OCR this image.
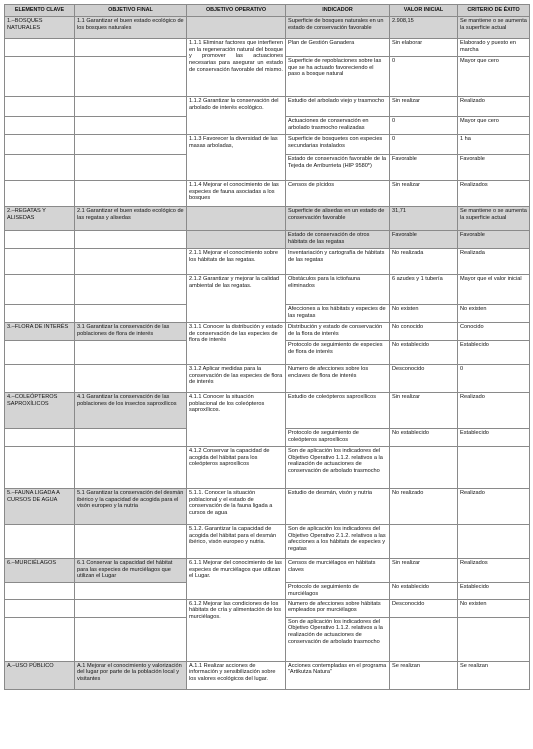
ELEMENTO CLAVE	OBJETIVO FINAL	OBJETIVO OPERATIVO	INDICADOR	VALOR INICIAL	CRITERIO DE ÉXITO
1.–BOSQUES NATURALES	1.1 Garantizar el buen estado ecológico de los bosques naturales		Superficie de bosques naturales en un estado de conservación favorable	2.908,15	Se mantiene o se aumenta la superficie actual
		1.1.1 Eliminar factores que interfieren en la regeneración natural del bosque y promover las actuaciones necesarias para asegurar un estado de conservación favorable del mismo.	Plan de Gestión Ganadera	Sin elaborar	Elaborado y puesto en marcha
			Superficie de repoblaciones sobre las que se ha actuado favoreciendo el paso a bosque natural	0	Mayor que cero
		1.1.2 Garantizar la conservación del arbolado de interés ecológico.	Estudio del arbolado viejo y trasmocho	Sin realizar	Realizado
			Actuaciones de conservación en arbolado trasmocho realizadas	0	Mayor que cero
		1.1.3 Favorecer la diversidad de las masas arboladas,	Superficie de bosquetes con especies secundarias instalados	0	1 ha
			Estado de conservación favorable de la Tejeda de Arriburrieta (HIP 9580*)	Favorable	Favorable
		1.1.4 Mejorar el conocimiento de las especies de fauna asociadas a los bosques	Censos de pícidos	Sin realizar	Realizados
2.–REGATAS Y ALISEDAS	2.1 Garantizar el buen estado ecológico de las regatas y alisedas		Superficie de alisedas en un estado de conservación favorable	31,71	Se mantiene o se aumenta la superficie actual
			Estado de conservación de otros hábitats de las regatas	Favorable	Favorable
		2.1.1 Mejorar el conocimiento sobre los hábitats de las regatas.	Inventariación y cartografía de hábitats de las regatas	No realizada	Realizada
		2.1.2 Garantizar y mejorar la calidad ambiental de las regatas.	Obstáculos para la ictiofauna eliminados	6 azudes y 1 tubería	Mayor que el valor inicial
			Afecciones a los hábitats y especies de las regatas	No existen	No existen
3.–FLORA DE INTERÉS	3.1 Garantizar la conservación de las poblaciones de flora de interés	3.1.1 Conocer la distribución y estado de conservación de las especies de flora de interés	Distribución y estado de conservación de la flora de interés	No conocido	Conocido
			Protocolo de seguimiento de especies de flora de interés	No establecido	Establecido
		3.1.2 Aplicar medidas para la conservación de las especies de flora de interés	Numero de afecciones sobre los enclaves de flora de interés	Desconocido	0
4.–COLEÓPTEROS SAPROXÍLICOS	4.1 Garantizar la conservación de las poblaciones de los insectos saproxílicos	4.1.1 Conocer la situación poblacional de los coleópteros saproxílicos.	Estudio de coleópteros saproxílicos	Sin realizar	Realizado
			Protocolo de seguimiento de coleópteros saproxílicos	No establecido	Establecido
		4.1.2 Conservar la capacidad de acogida del hábitat para los coleópteros saproxílicos	Son de aplicación los indicadores del Objetivo Operativo 1.1.2. relativos a la realización de actuaciones de conservación de arbolado trasmocho		
5.–FAUNA LIGADA A CURSOS DE AGUA	5.1 Garantizar la conservación del desmán ibérico y la capacidad de acogida para el visón europeo y la nutria	5.1.1. Conocer la situación poblacional y el estado de conservación de la fauna ligada a cursos de agua	Estudio de desmán, visón y nutria	No realizado	Realizado
		5.1.2. Garantizar la capacidad de acogida del hábitat para el desmán ibérico, visón europeo y nutria.	Son de aplicación los indicadores del Objetivo Operativo 2.1.2. relativos a las afecciones a los hábitats de especies y regatas		
6.–MURCIÉLAGOS	6.1 Conservar la capacidad del hábitat para las especies de murciélagos que utilizan el Lugar	6.1.1 Mejorar del conocimiento de las especies de murciélagos que utilizan el Lugar.	Censos de murciélagos en hábitats claves	Sin realizar	Realizados
			Protocolo de seguimiento de murciélagos	No establecido	Establecido
		6.1.2 Mejorar las condiciones de los hábitats de cría y alimentación de los murciélagos.	Numero de afecciones sobre hábitats empleados por murciélagos	Desconocido	No existen
			Son de aplicación los indicadores del Objetivo Operativo 1.1.2. relativos a la realización de actuaciones de conservación de arbolado trasmocho		
A.–USO PÚBLICO	A.1 Mejorar el conocimiento y valorización del lugar por parte de la población local y visitantes	A.1.1 Realizar acciones de información y sensibilización sobre los valores ecológicos del lugar.	Acciones contempladas en el programa “Artikutza Natura”	Se realizan	Se realizan
